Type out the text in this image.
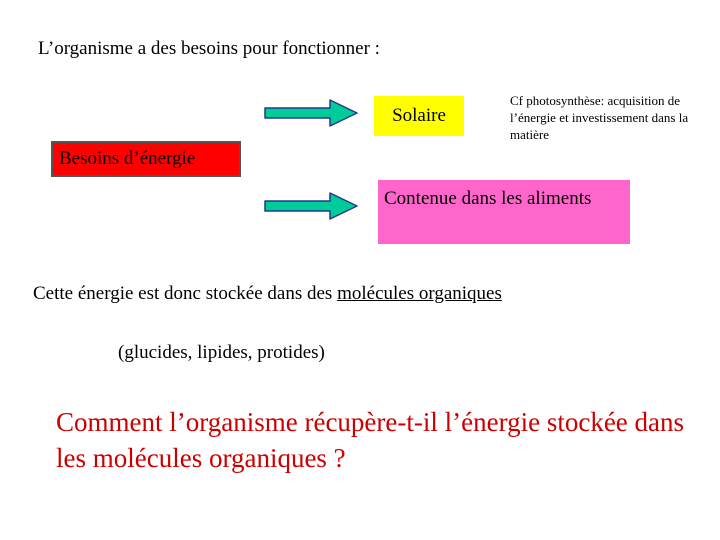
L’organisme a des besoins pour fonctionner :
Solaire
Cf photosynthèse: acquisition de l’énergie et investissement dans la matière
Besoins d’énergie
Contenue dans les aliments
Cette énergie est donc stockée dans des molécules organiques
(glucides, lipides, protides)
Comment l’organisme récupère-t-il l’énergie stockée dans les molécules organiques ?
